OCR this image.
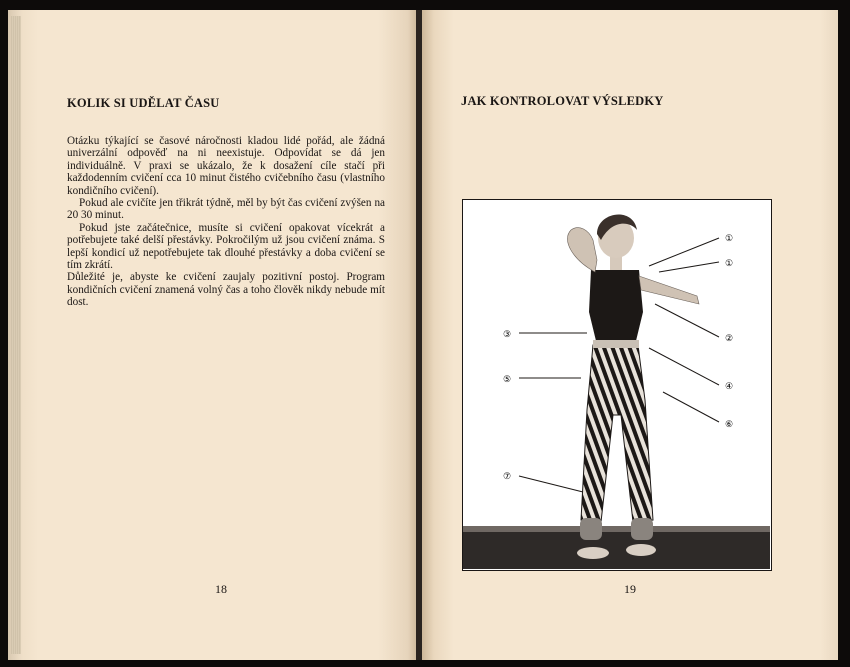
KOLIK SI UDĚLAT ČASU

Otázku týkající se časové náročnosti kladou lidé pořád, ale žádná univerzální odpověď na ni neexistuje. Odpovídat se dá jen individuálně. V praxi se ukázalo, že k dosažení cíle stačí při každodenním cvičení cca 10 minut čistého cvičebního času (vlastního kondičního cvičení).

Pokud ale cvičíte jen třikrát týdně, měl by být čas cvičení zvýšen na 20 30 minut.

Pokud jste začátečnice, musíte si cvičení opakovat vícekrát a potřebujete také delší přestávky. Pokročilým už jsou cvičení známa. S lepší kondicí už nepotřebujete tak dlouhé přestávky a doba cvičení se tím zkrátí.

Důležité je, abyste ke cvičení zaujaly pozitivní postoj. Program kondičních cvičení znamená volný čas a toho člověk nikdy nebude mít dost.

18
JAK KONTROLOVAT VÝSLEDKY
19
①
①
②
③
④
⑤
⑥
⑦
